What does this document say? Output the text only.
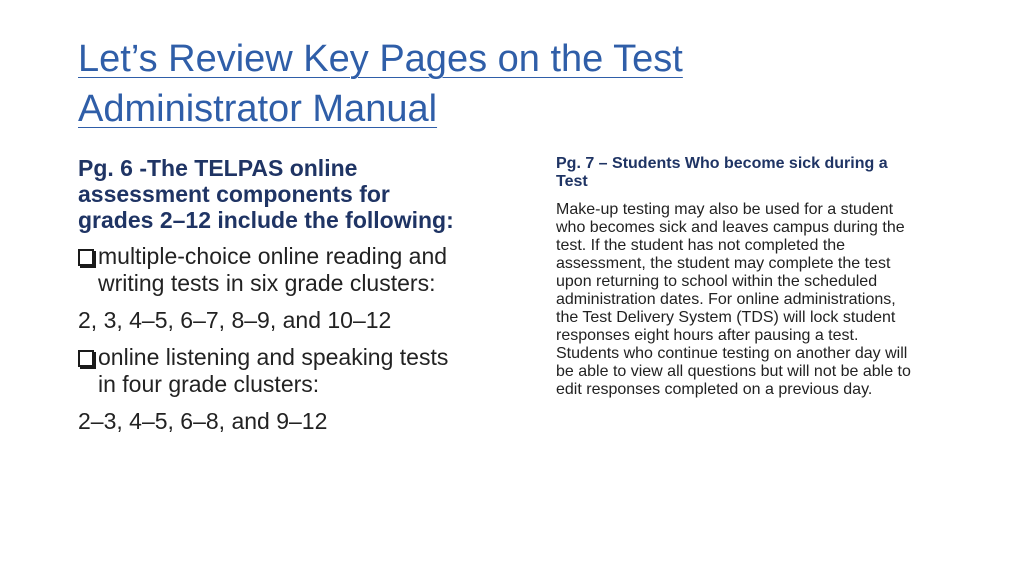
Let’s Review Key Pages on the Test Administrator Manual
Pg. 6 -The TELPAS online assessment components for grades 2–12 include the following:
multiple-choice online reading and writing tests in six grade clusters:
2, 3, 4–5, 6–7, 8–9, and 10–12
online listening and speaking tests in four grade clusters:
2–3, 4–5, 6–8, and 9–12
Pg. 7 – Students Who become sick during a Test
Make-up testing may also be used for a student who becomes sick and leaves campus during the test. If the student has not completed the assessment, the student may complete the test upon returning to school within the scheduled administration dates. For online administrations, the Test Delivery System (TDS) will lock student responses eight hours after pausing a test. Students who continue testing on another day will be able to view all questions but will not be able to edit responses completed on a previous day.
